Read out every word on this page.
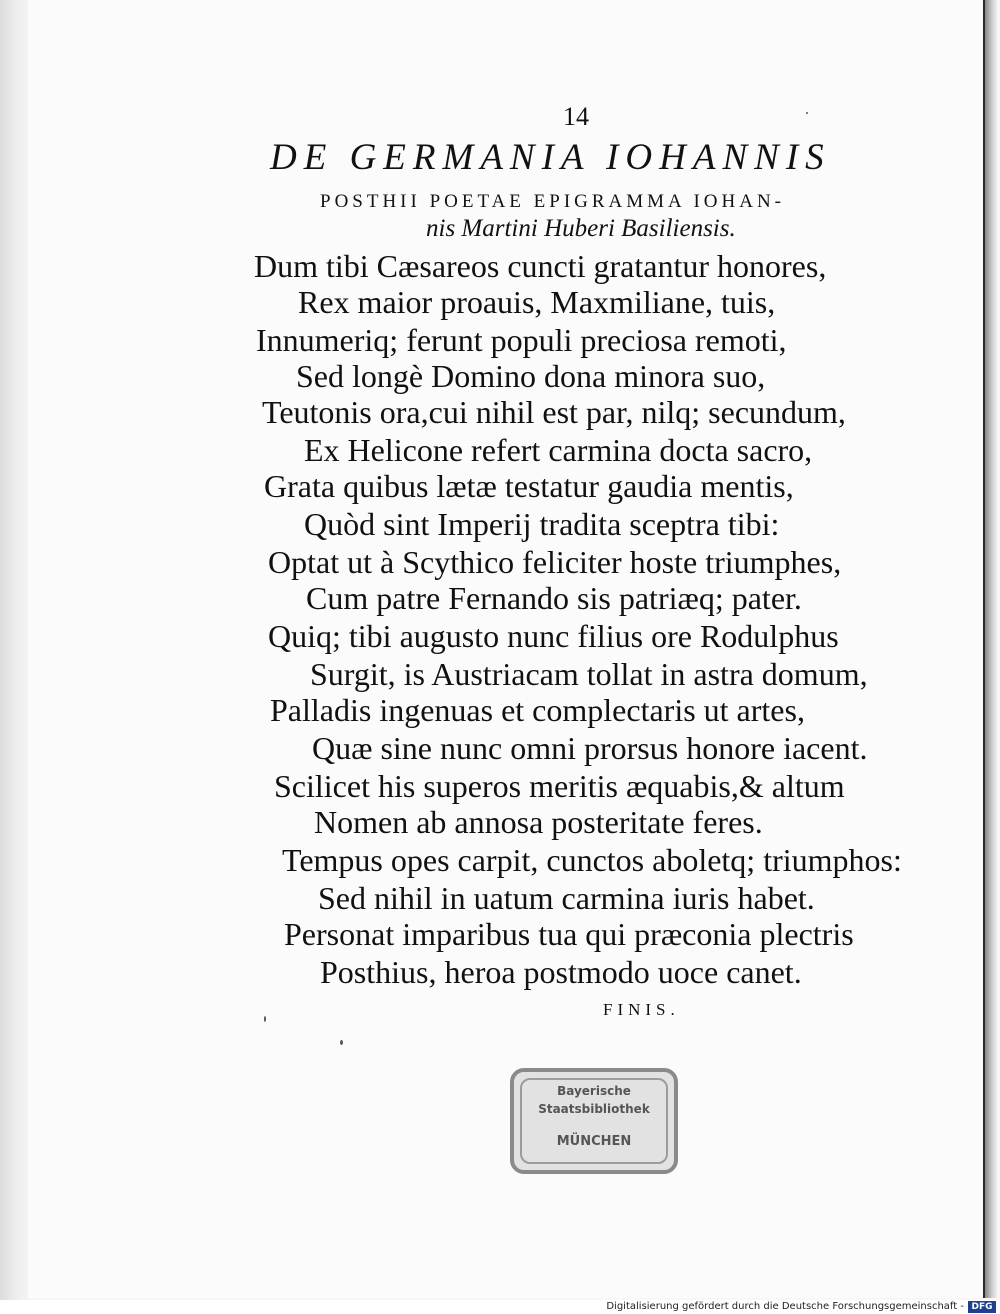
14
DE GERMANIA IOHANNIS
POSTHII POETAE EPIGRAMMA IOHAN-
nis Martini Huberi Basiliensis.
Dum tibi Cæsareos cuncti gratantur honores,
Rex maior proauis, Maxmiliane, tuis,
Innumeriq; ferunt populi preciosa remoti,
Sed longè Domino dona minora suo,
Teutonis ora,cui nihil est par, nilq; secundum,
Ex Helicone refert carmina docta sacro,
Grata quibus lætæ testatur gaudia mentis,
Quòd sint Imperij tradita sceptra tibi:
Optat ut à Scythico feliciter hoste triumphes,
Cum patre Fernando sis patriæq; pater.
Quiq; tibi augusto nunc filius ore Rodulphus
Surgit, is Austriacam tollat in astra domum,
Palladis ingenuas et complectaris ut artes,
Quæ sine nunc omni prorsus honore iacent.
Scilicet his superos meritis æquabis,& altum
Nomen ab annosa posteritate feres.
Tempus opes carpit, cunctos aboletq; triumphos:
Sed nihil in uatum carmina iuris habet.
Personat imparibus tua qui præconia plectris
Posthius, heroa postmodo uoce canet.
FINIS.
Bayerische
Staatsbibliothek
MÜNCHEN
Digitalisierung gefördert durch die Deutsche Forschungsgemeinschaft - DFG
